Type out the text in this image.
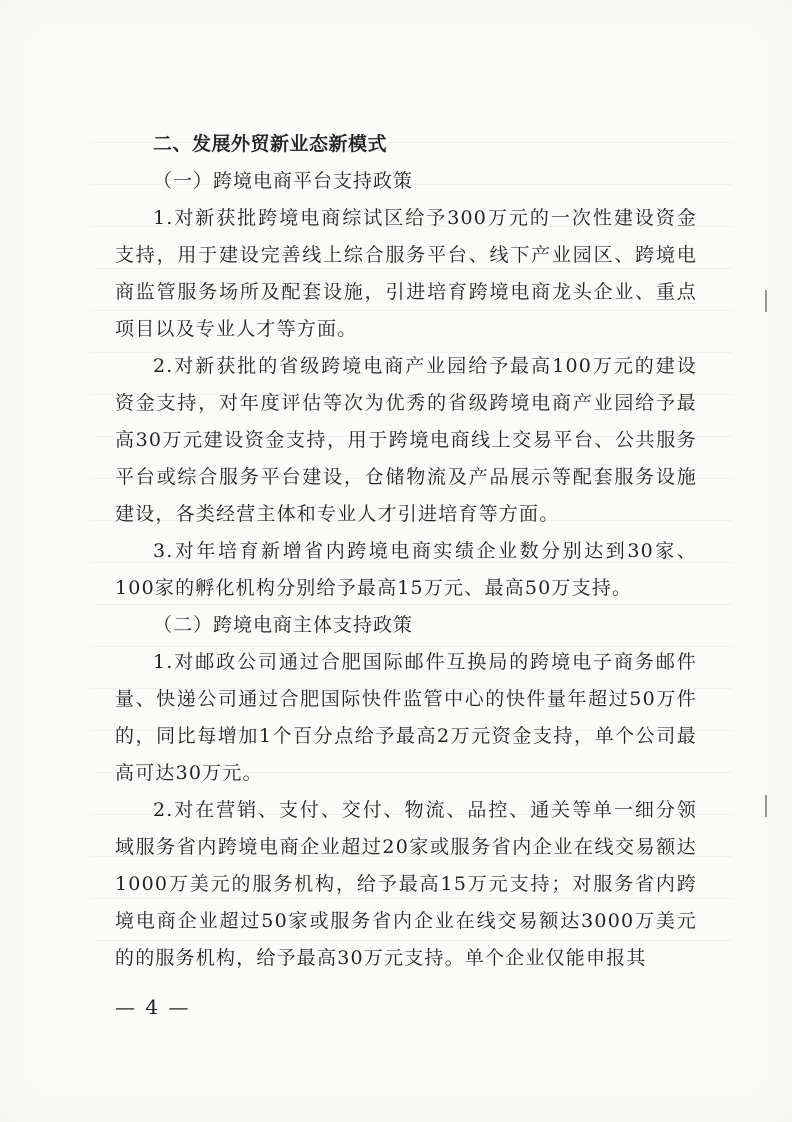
二、发展外贸新业态新模式

（一）跨境电商平台支持政策

1.对新获批跨境电商综试区给予300万元的一次性建设资金支持，用于建设完善线上综合服务平台、线下产业园区、跨境电商监管服务场所及配套设施，引进培育跨境电商龙头企业、重点项目以及专业人才等方面。

2.对新获批的省级跨境电商产业园给予最高100万元的建设资金支持，对年度评估等次为优秀的省级跨境电商产业园给予最高30万元建设资金支持，用于跨境电商线上交易平台、公共服务平台或综合服务平台建设，仓储物流及产品展示等配套服务设施建设，各类经营主体和专业人才引进培育等方面。

3.对年培育新增省内跨境电商实绩企业数分别达到30家、100家的孵化机构分别给予最高15万元、最高50万支持。

（二）跨境电商主体支持政策

1.对邮政公司通过合肥国际邮件互换局的跨境电子商务邮件量、快递公司通过合肥国际快件监管中心的快件量年超过50万件的，同比每增加1个百分点给予最高2万元资金支持，单个公司最高可达30万元。

2.对在营销、支付、交付、物流、品控、通关等单一细分领域服务省内跨境电商企业超过20家或服务省内企业在线交易额达1000万美元的服务机构，给予最高15万元支持；对服务省内跨境电商企业超过50家或服务省内企业在线交易额达3000万美元的的服务机构，给予最高30万元支持。单个企业仅能申报其

— 4 —
